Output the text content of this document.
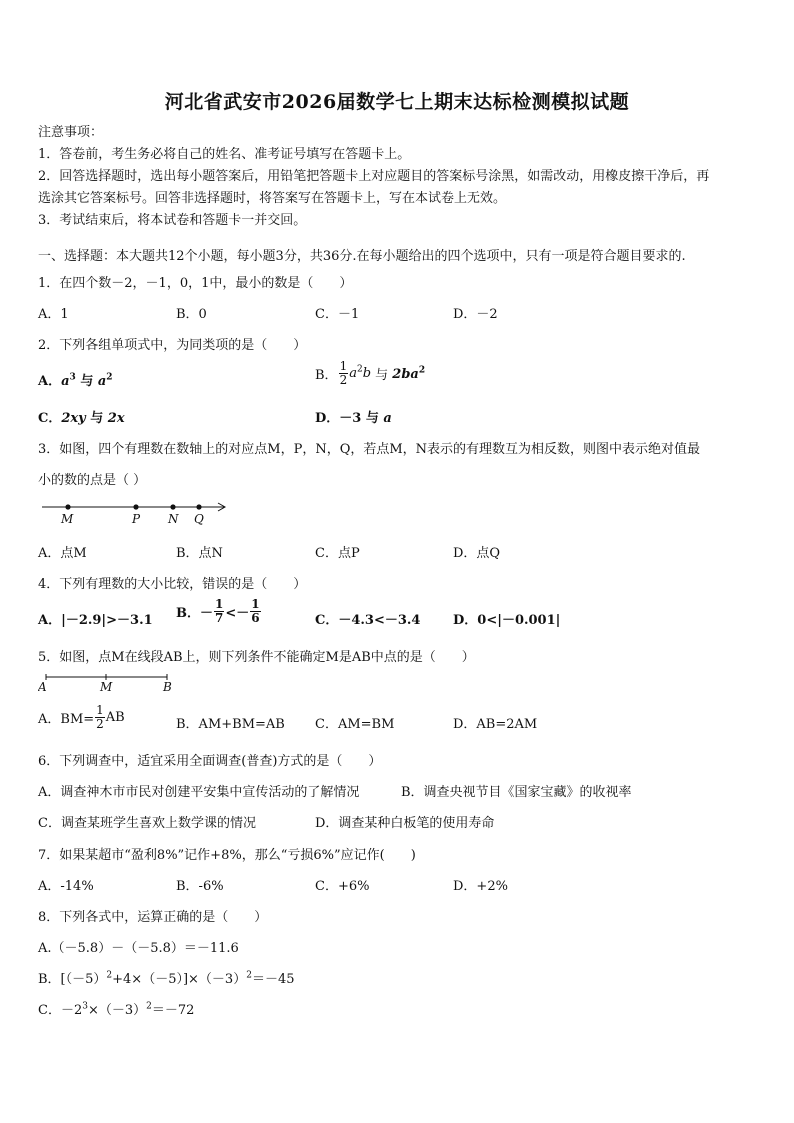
河北省武安市2026届数学七上期末达标检测模拟试题
注意事项：
1．答卷前，考生务必将自己的姓名、准考证号填写在答题卡上。
2．回答选择题时，选出每小题答案后，用铅笔把答题卡上对应题目的答案标号涂黑，如需改动，用橡皮擦干净后，再
选涂其它答案标号。回答非选择题时，将答案写在答题卡上，写在本试卷上无效。
3．考试结束后，将本试卷和答题卡一并交回。
一、选择题：本大题共12个小题，每小题3分，共36分.在每小题给出的四个选项中，只有一项是符合题目要求的.
1．在四个数－2，－1，0，1中，最小的数是（　　）
A．1	B．0	C．－1	D．－2
2．下列各组单项式中，为同类项的是（　　）
A．$a^3$ 与 $a^2$	B． $\frac{1}{2} a^2b$ 与 $2ba^2$
C．2xy 与 2x	D．－3 与 a
3．如图，四个有理数在数轴上的对应点M，P，N，Q，若点M，N表示的有理数互为相反数，则图中表示绝对值最
小的数的点是（ ）
M	P N Q
A．点M	B．点N	C．点P	D．点Q
4．下列有理数的大小比较，错误的是（　　）
A．|－2.9|>－3.1 B．－ $\frac{1}{7} <- \frac{1}{6}$	C．－4.3<－3.4	D．0<|－0.001|
5．如图，点M在线段AB上，则下列条件不能确定M是AB中点的是（　　）
A	M	B
A．$BM= \frac{1}{2}$ AB	B．AM+BM=AB C．AM=BM	D．AB=2AM
6．下列调查中，适宜采用全面调查(普查)方式的是（　　）
A．调查神木市市民对创建平安集中宣传活动的了解情况	B．调查央视节目《国家宝藏》的收视率
C．调查某班学生喜欢上数学课的情况	D．调查某种白板笔的使用寿命
7．如果某超市“盈利8%”记作+8%，那么“亏损6%”应记作(　　)
A．-14%	B．-6%	C．+6%	D．+2%
8．下列各式中，运算正确的是（　　）
A.（－5.8）－（－5.8）＝－11.6
B．$[(-5)^2+4\times(-5)]\times(-3)^2=-45$
C．$-2^3\times(-3)^2=-72$
